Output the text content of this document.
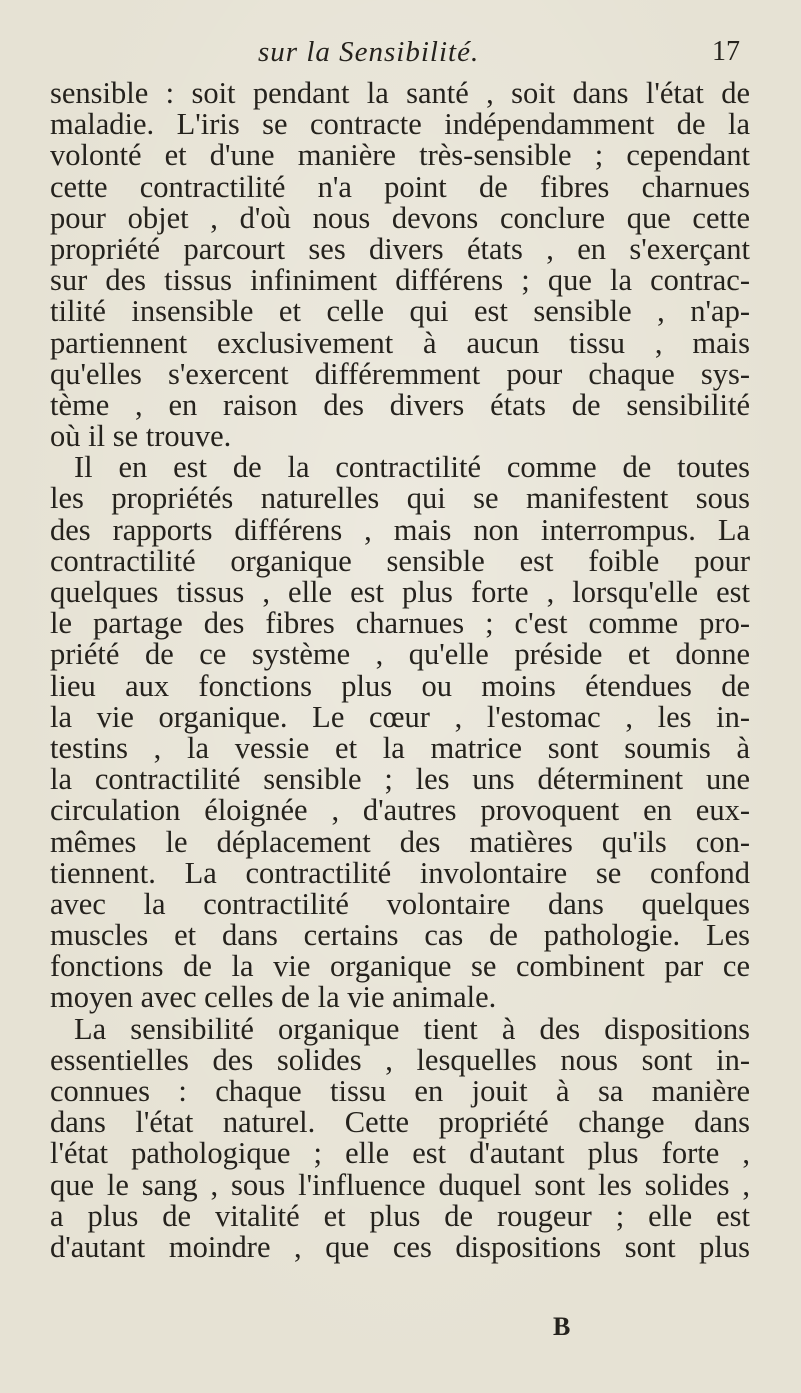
sur la Sensibilité.	17
sensible : soit pendant la santé , soit dans l'état de
maladie. L'iris se contracte indépendamment de la
volonté et d'une manière très-sensible ; cependant
cette contractilité n'a point de fibres charnues
pour objet , d'où nous devons conclure que cette
propriété parcourt ses divers états , en s'exerçant
sur des tissus infiniment différens ; que la contrac-
tilité insensible et celle qui est sensible , n'ap-
partiennent exclusivement à aucun tissu , mais
qu'elles s'exercent différemment pour chaque sys-
tème , en raison des divers états de sensibilité
où il se trouve.
Il en est de la contractilité comme de toutes
les propriétés naturelles qui se manifestent sous
des rapports différens , mais non interrompus. La
contractilité organique sensible est foible pour
quelques tissus , elle est plus forte , lorsqu'elle est
le partage des fibres charnues ; c'est comme pro-
priété de ce système , qu'elle préside et donne
lieu aux fonctions plus ou moins étendues de
la vie organique. Le cœur , l'estomac , les in-
testins , la vessie et la matrice sont soumis à
la contractilité sensible ; les uns déterminent une
circulation éloignée , d'autres provoquent en eux-
mêmes le déplacement des matières qu'ils con-
tiennent. La contractilité involontaire se confond
avec la contractilité volontaire dans quelques
muscles et dans certains cas de pathologie. Les
fonctions de la vie organique se combinent par ce
moyen avec celles de la vie animale.
La sensibilité organique tient à des dispositions
essentielles des solides , lesquelles nous sont in-
connues : chaque tissu en jouit à sa manière
dans l'état naturel. Cette propriété change dans
l'état pathologique ; elle est d'autant plus forte ,
que le sang , sous l'influence duquel sont les solides ,
a plus de vitalité et plus de rougeur ; elle est
d'autant moindre , que ces dispositions sont plus
B
